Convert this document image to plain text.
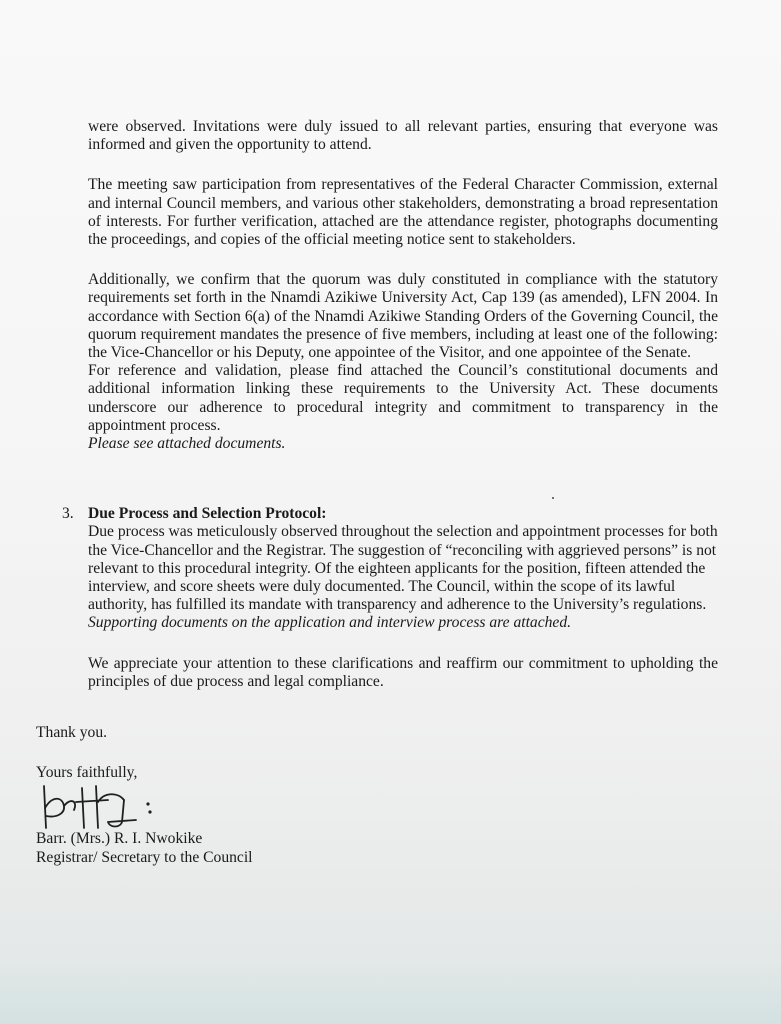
were observed. Invitations were duly issued to all relevant parties, ensuring that everyone was informed and given the opportunity to attend.
The meeting saw participation from representatives of the Federal Character Commission, external and internal Council members, and various other stakeholders, demonstrating a broad representation of interests. For further verification, attached are the attendance register, photographs documenting the proceedings, and copies of the official meeting notice sent to stakeholders.
Additionally, we confirm that the quorum was duly constituted in compliance with the statutory requirements set forth in the Nnamdi Azikiwe University Act, Cap 139 (as amended), LFN 2004. In accordance with Section 6(a) of the Nnamdi Azikiwe Standing Orders of the Governing Council, the quorum requirement mandates the presence of five members, including at least one of the following: the Vice-Chancellor or his Deputy, one appointee of the Visitor, and one appointee of the Senate.
For reference and validation, please find attached the Council’s constitutional documents and additional information linking these requirements to the University Act. These documents underscore our adherence to procedural integrity and commitment to transparency in the appointment process.
Please see attached documents.
3. Due Process and Selection Protocol:
Due process was meticulously observed throughout the selection and appointment processes for both the Vice-Chancellor and the Registrar. The suggestion of “reconciling with aggrieved persons” is not relevant to this procedural integrity. Of the eighteen applicants for the position, fifteen attended the interview, and score sheets were duly documented. The Council, within the scope of its lawful authority, has fulfilled its mandate with transparency and adherence to the University’s regulations.
Supporting documents on the application and interview process are attached.
We appreciate your attention to these clarifications and reaffirm our commitment to upholding the principles of due process and legal compliance.
Thank you.
Yours faithfully,
Barr. (Mrs.) R. I. Nwokike
Registrar/ Secretary to the Council
